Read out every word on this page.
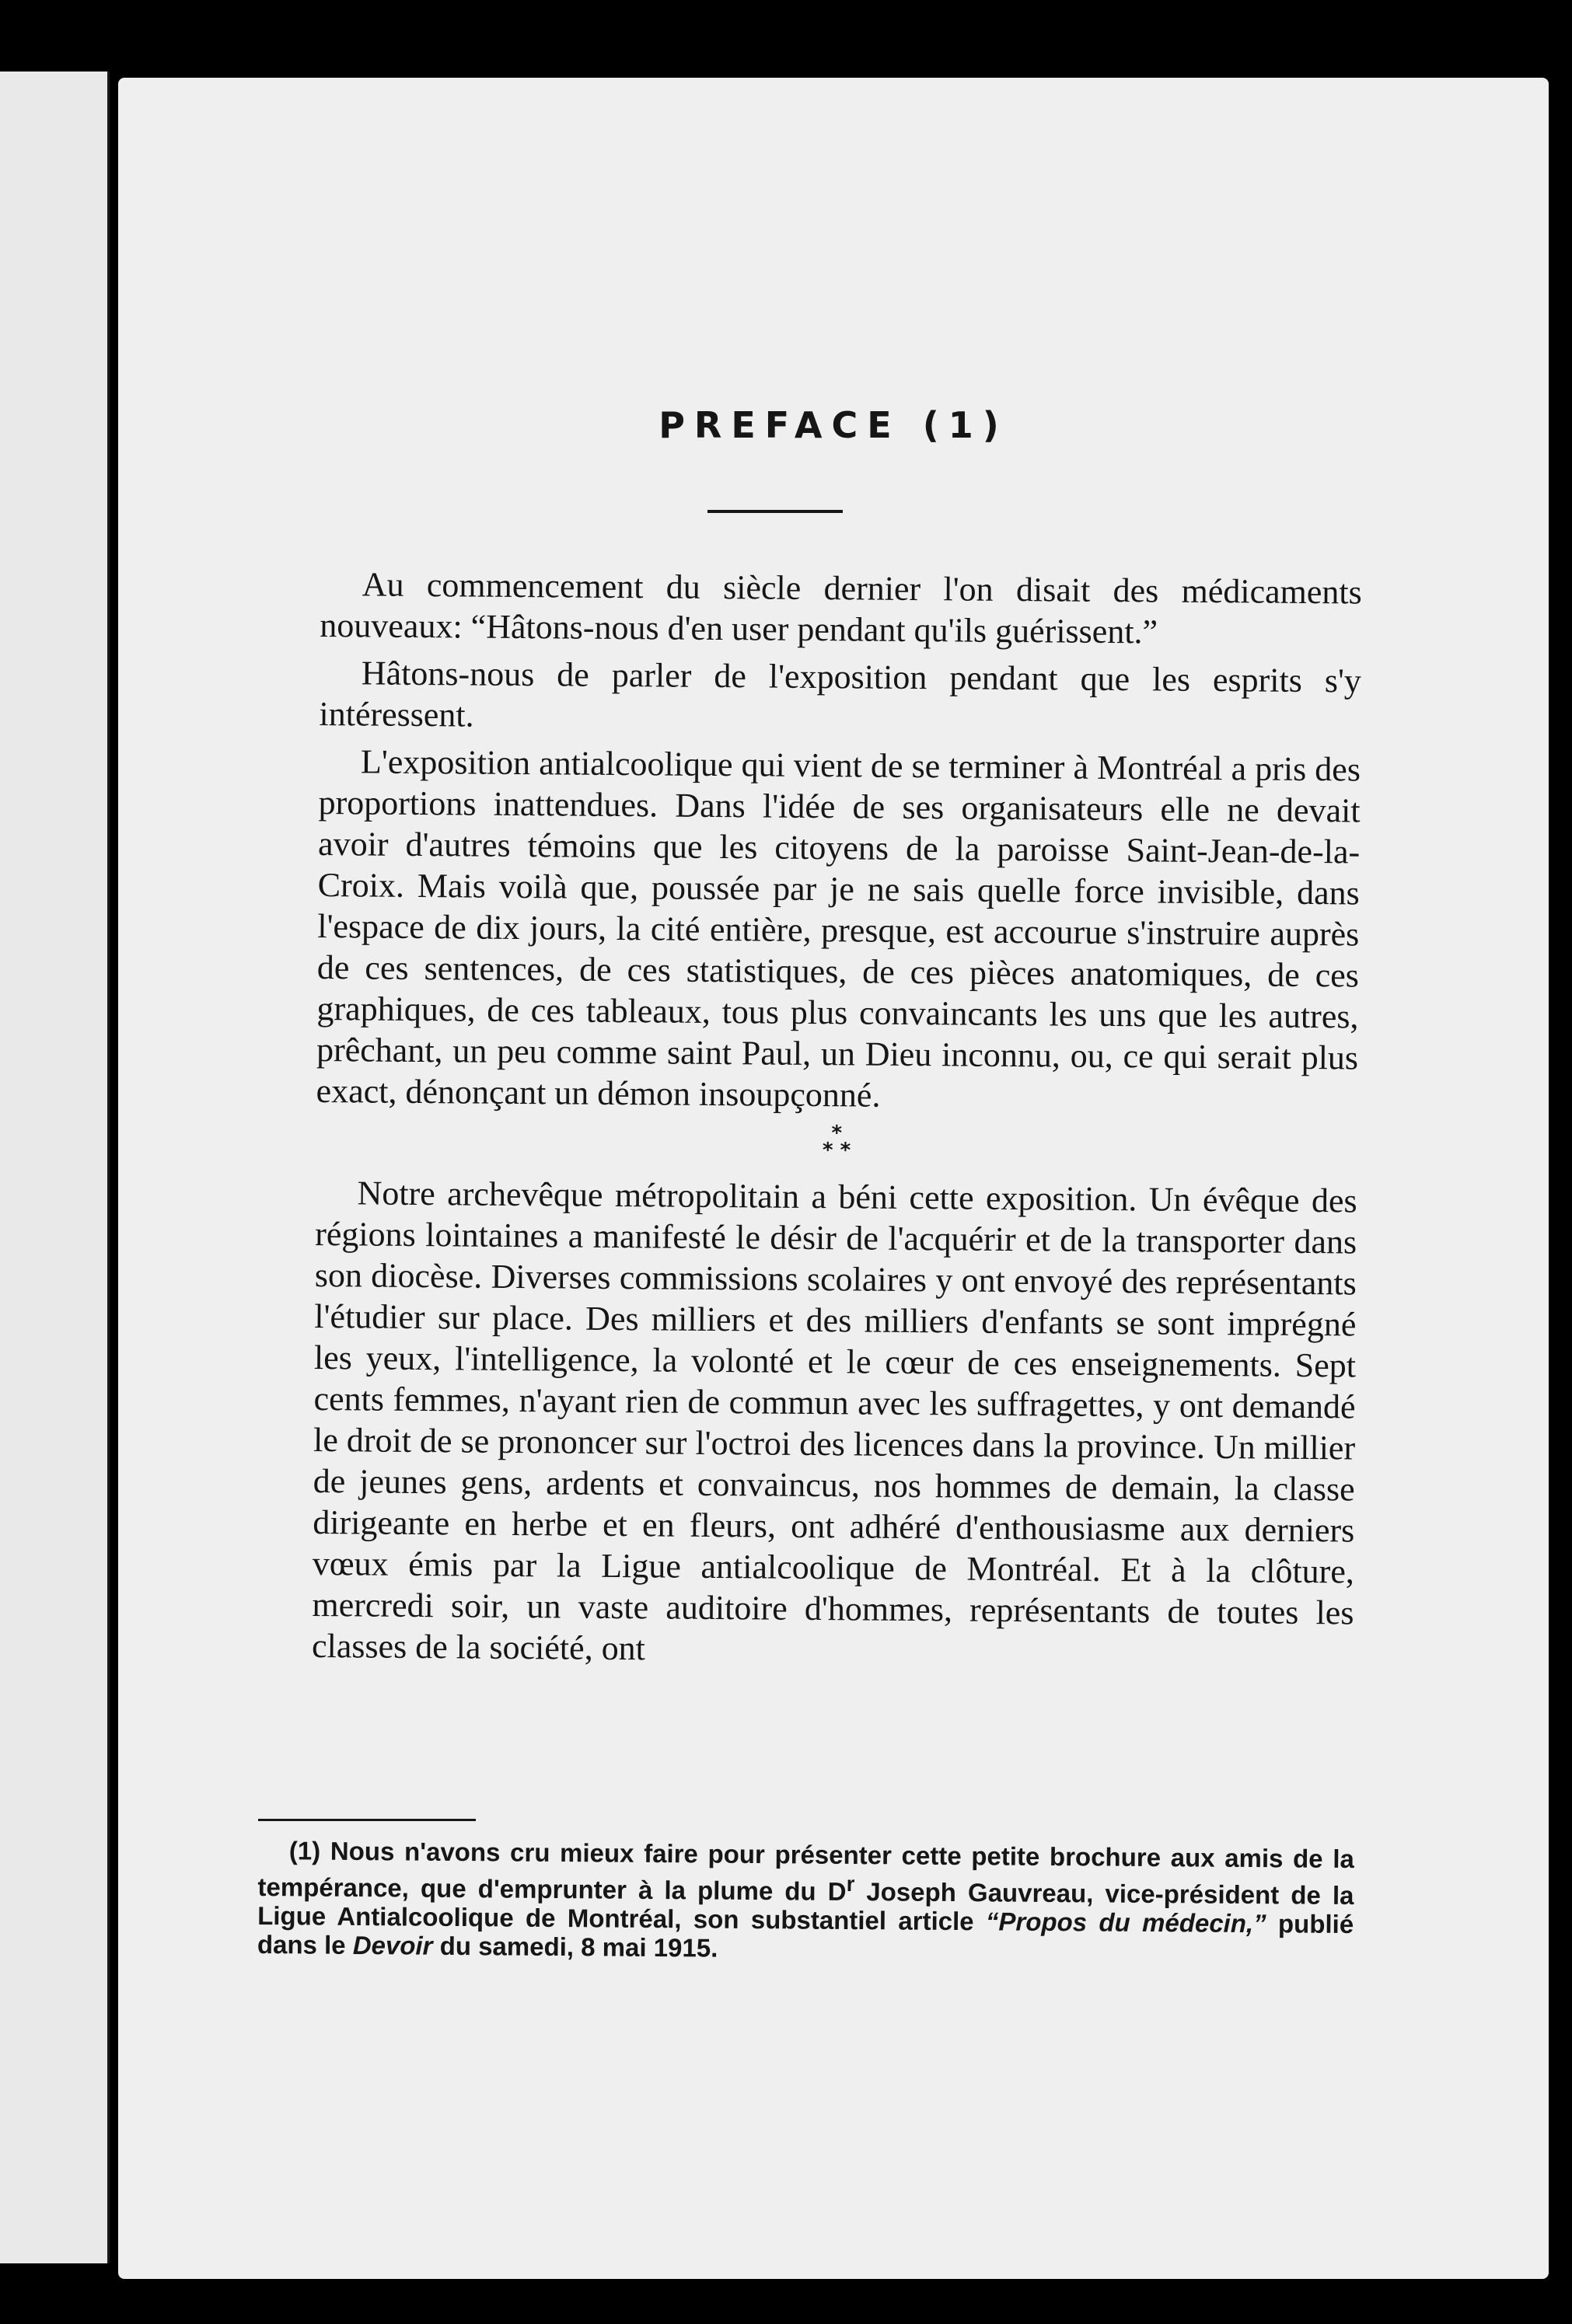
PREFACE (1)

Au commencement du siècle dernier l'on disait des médicaments nouveaux: “Hâtons-nous d'en user pendant qu'ils guérissent.”

Hâtons-nous de parler de l'exposition pendant que les esprits s'y intéressent.

L'exposition antialcoolique qui vient de se terminer à Montréal a pris des proportions inattendues. Dans l'idée de ses organisateurs elle ne devait avoir d'autres témoins que les citoyens de la paroisse Saint-Jean-de-la-Croix. Mais voilà que, poussée par je ne sais quelle force invisible, dans l'espace de dix jours, la cité entière, presque, est accourue s'instruire auprès de ces sentences, de ces statistiques, de ces pièces anatomiques, de ces graphiques, de ces tableaux, tous plus convaincants les uns que les autres, prêchant, un peu comme saint Paul, un Dieu inconnu, ou, ce qui serait plus exact, dénonçant un démon insoupçonné.

*
* *

Notre archevêque métropolitain a béni cette exposition. Un évêque des régions lointaines a manifesté le désir de l'acquérir et de la transporter dans son diocèse. Diverses commissions scolaires y ont envoyé des représentants l'étudier sur place. Des milliers et des milliers d'enfants se sont imprégné les yeux, l'intelligence, la volonté et le cœur de ces enseignements. Sept cents femmes, n'ayant rien de commun avec les suffragettes, y ont demandé le droit de se prononcer sur l'octroi des licences dans la province. Un millier de jeunes gens, ardents et convaincus, nos hommes de demain, la classe dirigeante en herbe et en fleurs, ont adhéré d'enthousiasme aux derniers vœux émis par la Ligue antialcoolique de Montréal. Et à la clôture, mercredi soir, un vaste auditoire d'hommes, représentants de toutes les classes de la société, ont

(1) Nous n'avons cru mieux faire pour présenter cette petite brochure aux amis de la tempérance, que d'emprunter à la plume du $D^r$ Joseph Gauvreau, vice-président de la Ligue Antialcoolique de Montréal, son substantiel article “Propos du médecin,” publié dans le Devoir du samedi, 8 mai 1915.
